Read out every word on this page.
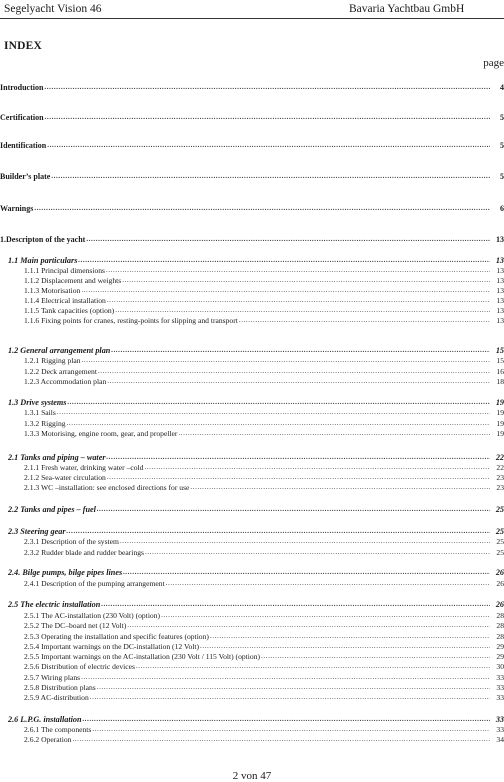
Segelyacht Vision 46	Bavaria Yachtbau GmbH
INDEX
page
Introduction .....	4
Certification .....	5
Identification .....	5
Builder’s plate .....	5
Warnings .....	6
1.Descripton of the yacht .....	13
1.1 Main particulars .....	13
1.1.1 Principal dimensions .....	13
1.1.2 Displacement and weights .....	13
1.1.3 Motorisation .....	13
1.1.4 Electrical installation .....	13
1.1.5 Tank capacities (option) .....	13
1.1.6 Fixing points for cranes, resting-points for slipping and transport .....	13
1.2 General arrangement plan .....	15
1.2.1 Rigging plan .....	15
1.2.2 Deck arrangement .....	16
1.2.3 Accommodation plan .....	18
1.3 Drive systems .....	19
1.3.1 Sails .....	19
1.3.2 Rigging .....	19
1.3.3 Motorising, engine room, gear, and propeller .....	19
2.1 Tanks and piping – water .....	22
2.1.1 Fresh water, drinking water –cold .....	22
2.1.2 Sea-water circulation .....	23
2.1.3 WC –installation: see enclosed directions for use .....	23
2.2 Tanks and pipes – fuel .....	25
2.3 Steering gear .....	25
2.3.1 Description of the system .....	25
2.3.2 Rudder blade and rudder bearings .....	25
2.4. Bilge pumps, bilge pipes lines .....	26
2.4.1 Description of the pumping arrangement .....	26
2.5 The electric installation .....	26
2.5.1 The AC-installation (230 Volt) (option) .....	28
2.5.2 The DC–board net (12 Volt) .....	28
2.5.3 Operating the installation and specific features (option) .....	28
2.5.4 Important warnings on the DC-installation (12 Volt) .....	29
2.5.5 Important warnings on the AC-installation (230 Volt / 115 Volt) (option) .....	29
2.5.6 Distribution of electric devices .....	30
2.5.7 Wiring plans .....	33
2.5.8 Distribution plans .....	33
2.5.9 AC-distribution .....	33
2.6 L.P.G. installation .....	33
2.6.1 The components .....	33
2.6.2 Operation .....	34
2 von 47
